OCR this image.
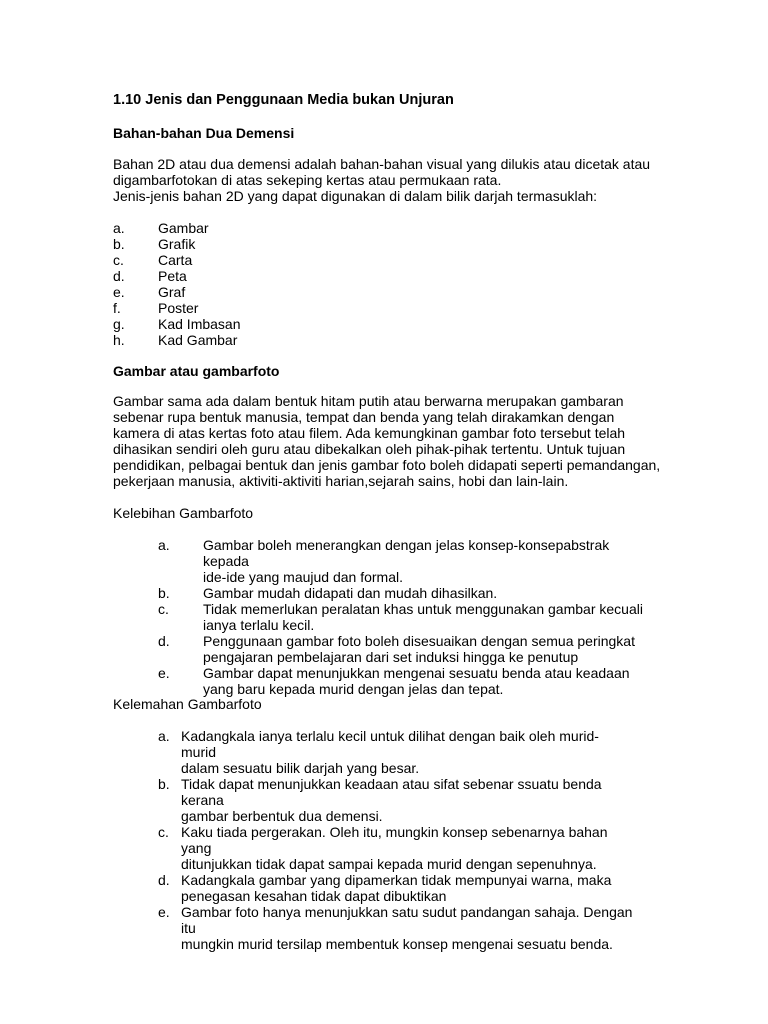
1.10 Jenis dan Penggunaan Media bukan Unjuran
Bahan-bahan Dua Demensi
Bahan 2D atau dua demensi adalah bahan-bahan visual yang dilukis atau dicetak atau
digambarfotokan di atas sekeping kertas atau permukaan rata.
Jenis-jenis bahan 2D yang dapat digunakan di dalam bilik darjah termasuklah:
a. Gambar
b. Grafik
c. Carta
d. Peta
e. Graf
f.	Poster
g. Kad Imbasan
h. Kad Gambar
Gambar atau gambarfoto
Gambar sama ada dalam bentuk hitam putih atau berwarna merupakan gambaran
sebenar rupa bentuk manusia, tempat dan benda yang telah dirakamkan dengan
kamera di atas kertas foto atau filem. Ada kemungkinan gambar foto tersebut telah
dihasikan sendiri oleh guru atau dibekalkan oleh pihak-pihak tertentu. Untuk tujuan
pendidikan, pelbagai bentuk dan jenis gambar foto boleh didapati seperti pemandangan,
pekerjaan manusia, aktiviti-aktiviti harian,sejarah sains, hobi dan lain-lain.
Kelebihan Gambarfoto
a. Gambar boleh menerangkan dengan jelas konsep-konsepabstrak kepada
ide-ide yang maujud dan formal.
b. Gambar mudah didapati dan mudah dihasilkan.
c. Tidak memerlukan peralatan khas untuk menggunakan gambar kecuali
ianya terlalu kecil.
d. Penggunaan gambar foto boleh disesuaikan dengan semua peringkat
pengajaran pembelajaran dari set induksi hingga ke penutup
e. Gambar dapat menunjukkan mengenai sesuatu benda atau keadaan
yang baru kepada murid dengan jelas dan tepat.
Kelemahan Gambarfoto
a. Kadangkala ianya terlalu kecil untuk dilihat dengan baik oleh murid-murid
dalam sesuatu bilik darjah yang besar.
b. Tidak dapat menunjukkan keadaan atau sifat sebenar ssuatu benda kerana
gambar berbentuk dua demensi.
c. Kaku tiada pergerakan. Oleh itu, mungkin konsep sebenarnya bahan yang
ditunjukkan tidak dapat sampai kepada murid dengan sepenuhnya.
d. Kadangkala gambar yang dipamerkan tidak mempunyai warna, maka
penegasan kesahan tidak dapat dibuktikan
e. Gambar foto hanya menunjukkan satu sudut pandangan sahaja. Dengan itu
mungkin murid tersilap membentuk konsep mengenai sesuatu benda.
